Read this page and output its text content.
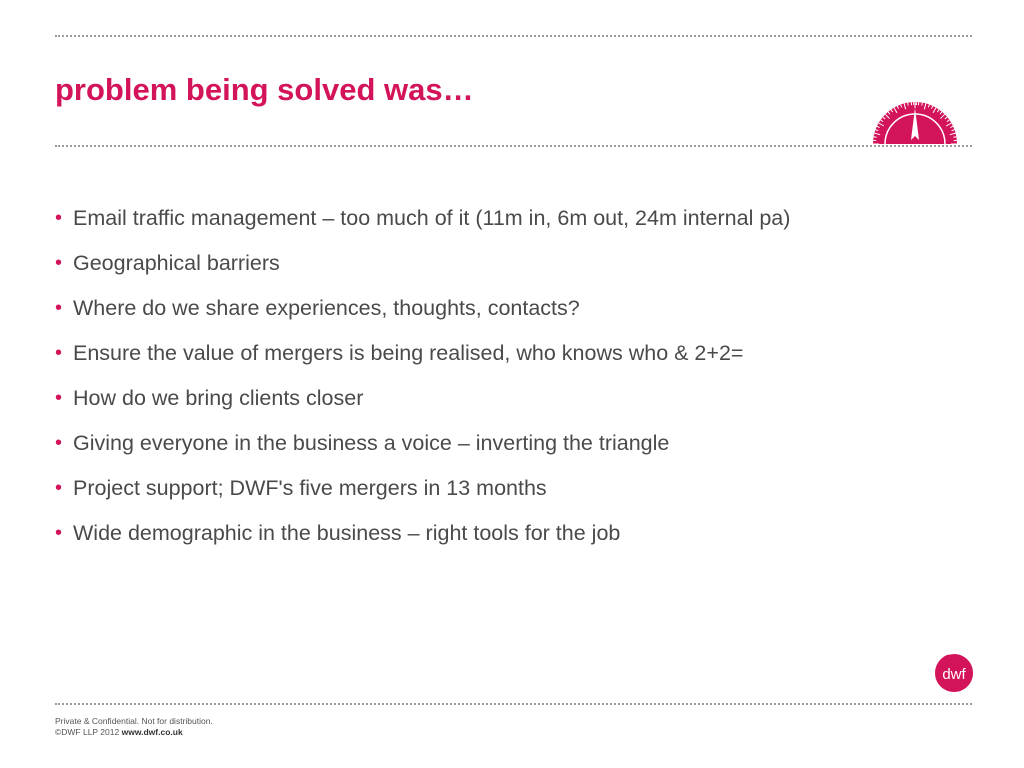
problem being solved was…	N
• Email traffic management – too much of it (11m in, 6m out, 24m internal pa)
• Geographical barriers
• Where do we share experiences, thoughts, contacts?
• Ensure the value of mergers is being realised, who knows who & 2+2=
• How do we bring clients closer
• Giving everyone in the business a voice – inverting the triangle
• Project support; DWF's five mergers in 13 months
• Wide demographic in the business – right tools for the job
dwf
Private & Confidential. Not for distribution.
©DWF LLP 2012 www.dwf.co.uk
